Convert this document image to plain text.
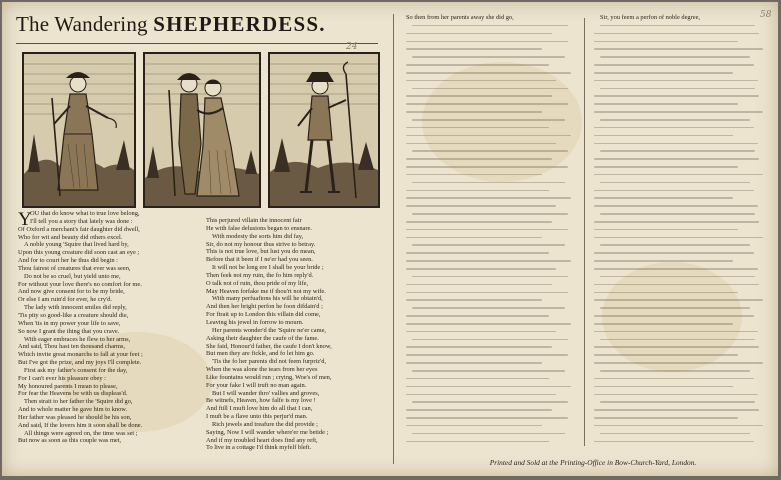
The Wandering SHEPHERDESS.	58
24
Y
OU that do know what to true love belong,
I'll tell you a story that lately was done :
Of Oxford a merchant's fair daughter did dwell,
Who for wit and beauty did others excel.
A noble young 'Squire that lived hard by,
Upon this young creature did soon cast an eye ;
And for to court her he thus did begin :
Thou fairest of creatures that ever was seen,
Do not be so cruel, but yield unto me,
For without your love there's no comfort for me.
And now give consent for to be my bride,
Or else I am ruin'd for ever, he cry'd.
The lady with innocent smiles did reply,
'Tis pity so good-like a creature should die,
When 'tis in my power your life to save,
So now I grant the thing that you crave.
With eager embraces he flew to her arms,
And said, Thou hast ten thousand charms,
Which invite great monarchs to fall at your feet ;
But I've got the prize, and my joys I'll complete.
First ask my father's consent for the day,
For I can't ever his pleasure obey :
My honoured parents I mean to please,
For fear the Heavens be with us displeas'd.
Then strait to her father the 'Squire did go,
And to whole matter he gave him to know.
Her father was pleased he should be his son,
And said, If the lovers him it soon shall be done.
All things were agreed on, the time was set ;
But now as soon as this couple was met,
This perjured villain the innocent fair
He with false delusions began to ensnare.
With modesty the sorts him did fay,
Sir, do not my honour thus strive to betray.
This is not true love, but lust you do mean,
Before that it been if I ne'er had you seen.
It will not be long ere I shall be your bride ;
Then feek not my ruin, the fo him reply'd.
O talk not of ruin, thou pride of my life,
May Heaven forfake me if thou'rt not my wife.
With many perfuafions his will he obtain'd,
And then her bright perfon he foon difdain'd ;
For ftrait up to London this villain did come,
Leaving his jewel in forrow to mourn.
Her parents wonder'd the 'Squire ne'er came,
Asking their daughter the caufe of the fame.
She faid, Honour'd father, the caufe I don't know,
But men they are fickle, and fo let him go.
'Tis the fo her parents did not feem furpriz'd,
When the was alone the tears from her eyes
Like fountains would run ; crying, Woe's of men,
For your fake I will truft no man again.
But I will wander thro' vallies and groves,
Be witnefs, Heaven, how falfe is my love !
And ftill I muft love him do all that I can,
I muft be a flave unto this perjur'd man.
Rich jewels and treafure the did provide ;
Saying, Now I will wander where'er me betide ;
And if my troubled heart does find any reft,
To live in a cottage I'd think myfelf bleft.
So then from her parents away she did go,	Sir, you feem a perfon of noble degree,
Printed and Sold at the Printing-Office in Bow-Church-Yard, London.
